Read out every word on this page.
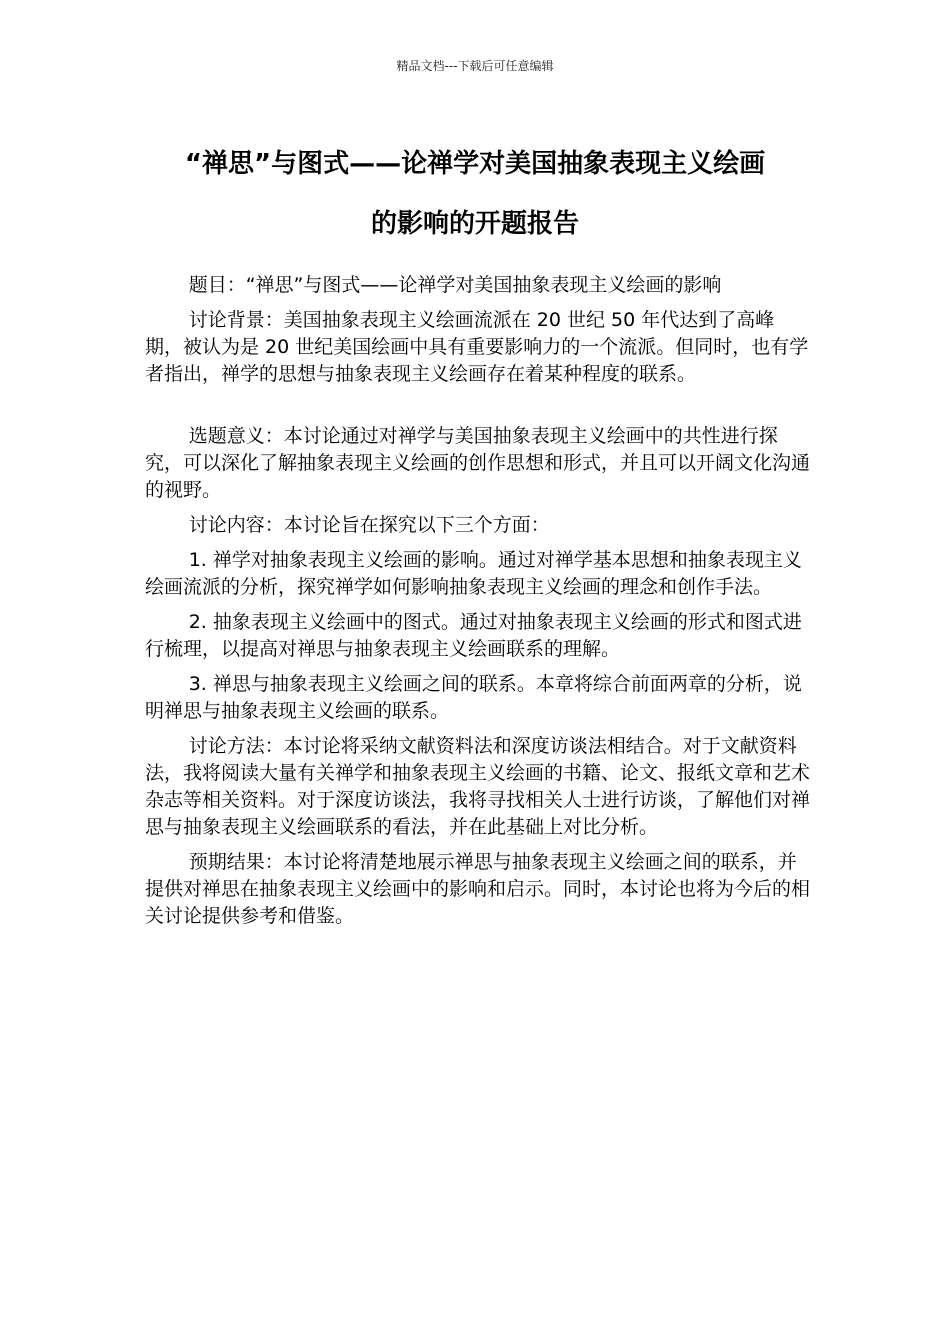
精品文档---下载后可任意编辑
“禅思”与图式——论禅学对美国抽象表现主义绘画
的影响的开题报告

题目：“禅思”与图式——论禅学对美国抽象表现主义绘画的影响

讨论背景：美国抽象表现主义绘画流派在 20 世纪 50 年代达到了高峰期，被认为是 20 世纪美国绘画中具有重要影响力的一个流派。但同时，也有学者指出，禅学的思想与抽象表现主义绘画存在着某种程度的联系。

选题意义：本讨论通过对禅学与美国抽象表现主义绘画中的共性进行探究，可以深化了解抽象表现主义绘画的创作思想和形式，并且可以开阔文化沟通的视野。

讨论内容：本讨论旨在探究以下三个方面：

1. 禅学对抽象表现主义绘画的影响。通过对禅学基本思想和抽象表现主义绘画流派的分析，探究禅学如何影响抽象表现主义绘画的理念和创作手法。

2. 抽象表现主义绘画中的图式。通过对抽象表现主义绘画的形式和图式进行梳理，以提高对禅思与抽象表现主义绘画联系的理解。

3. 禅思与抽象表现主义绘画之间的联系。本章将综合前面两章的分析，说明禅思与抽象表现主义绘画的联系。

讨论方法：本讨论将采纳文献资料法和深度访谈法相结合。对于文献资料法，我将阅读大量有关禅学和抽象表现主义绘画的书籍、论文、报纸文章和艺术杂志等相关资料。对于深度访谈法，我将寻找相关人士进行访谈，了解他们对禅思与抽象表现主义绘画联系的看法，并在此基础上对比分析。

预期结果：本讨论将清楚地展示禅思与抽象表现主义绘画之间的联系，并提供对禅思在抽象表现主义绘画中的影响和启示。同时，本讨论也将为今后的相关讨论提供参考和借鉴。
